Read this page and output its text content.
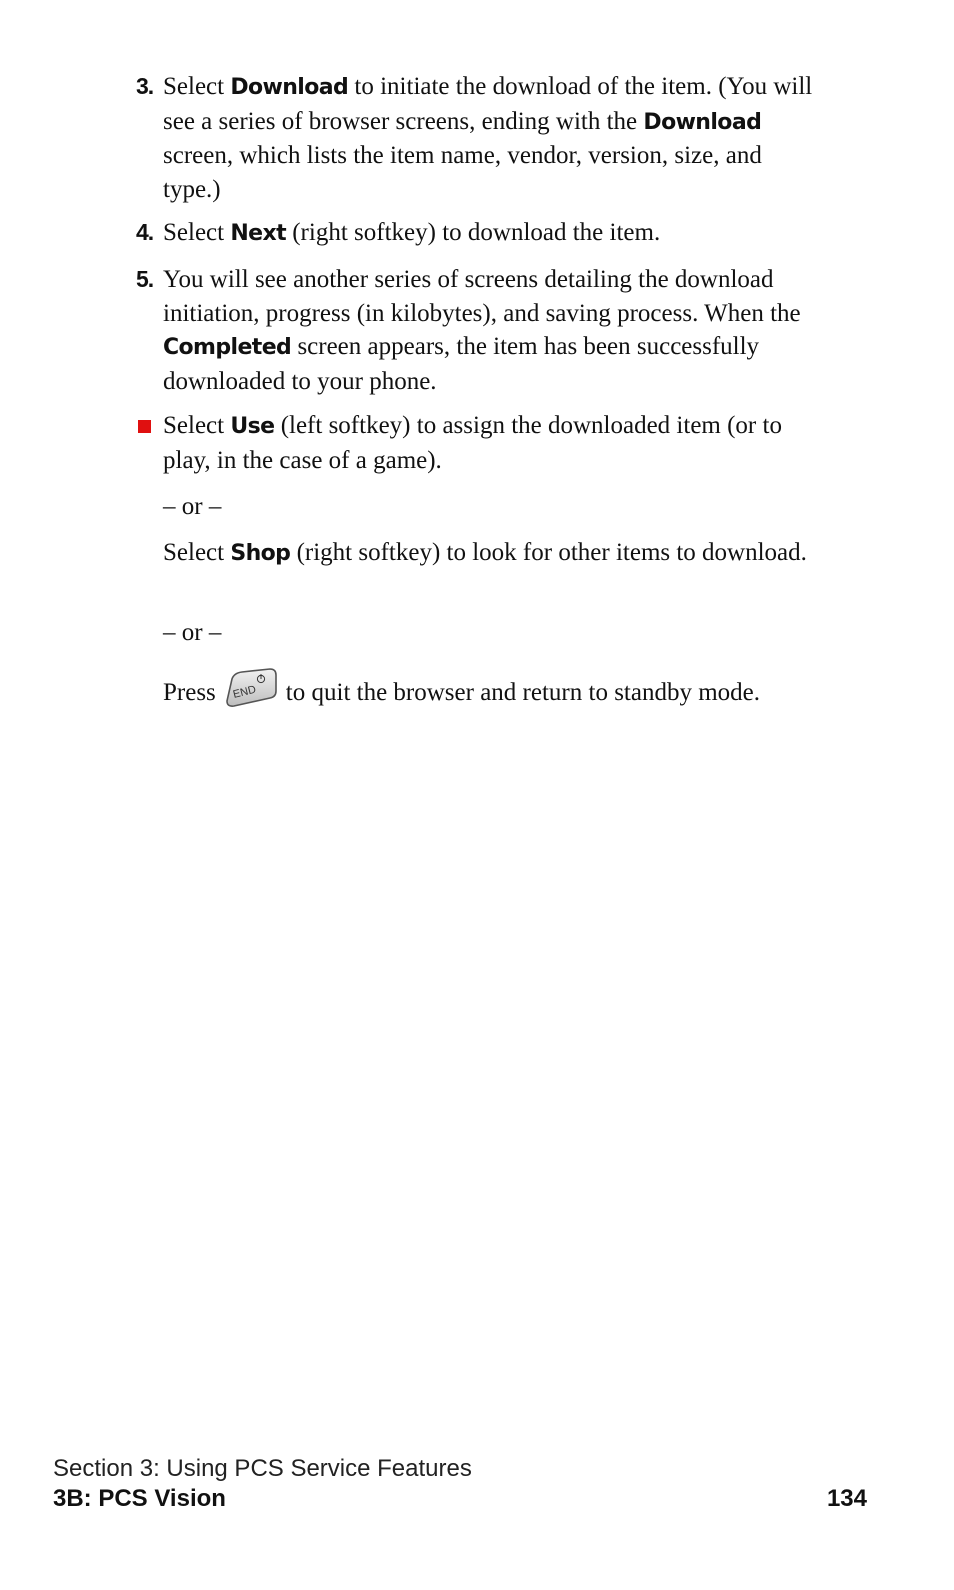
3. Select Download to initiate the download of the item. (You will see a series of browser screens, ending with the Download screen, which lists the item name, vendor, version, size, and type.)
4. Select Next (right softkey) to download the item.
5. You will see another series of screens detailing the download initiation, progress (in kilobytes), and saving process. When the Completed screen appears, the item has been successfully downloaded to your phone.
Select Use (left softkey) to assign the downloaded item (or to play, in the case of a game).
– or –
Select Shop (right softkey) to look for other items to download.
– or –
Press END to quit the browser and return to standby mode.
Section 3: Using PCS Service Features
3B: PCS Vision	134
